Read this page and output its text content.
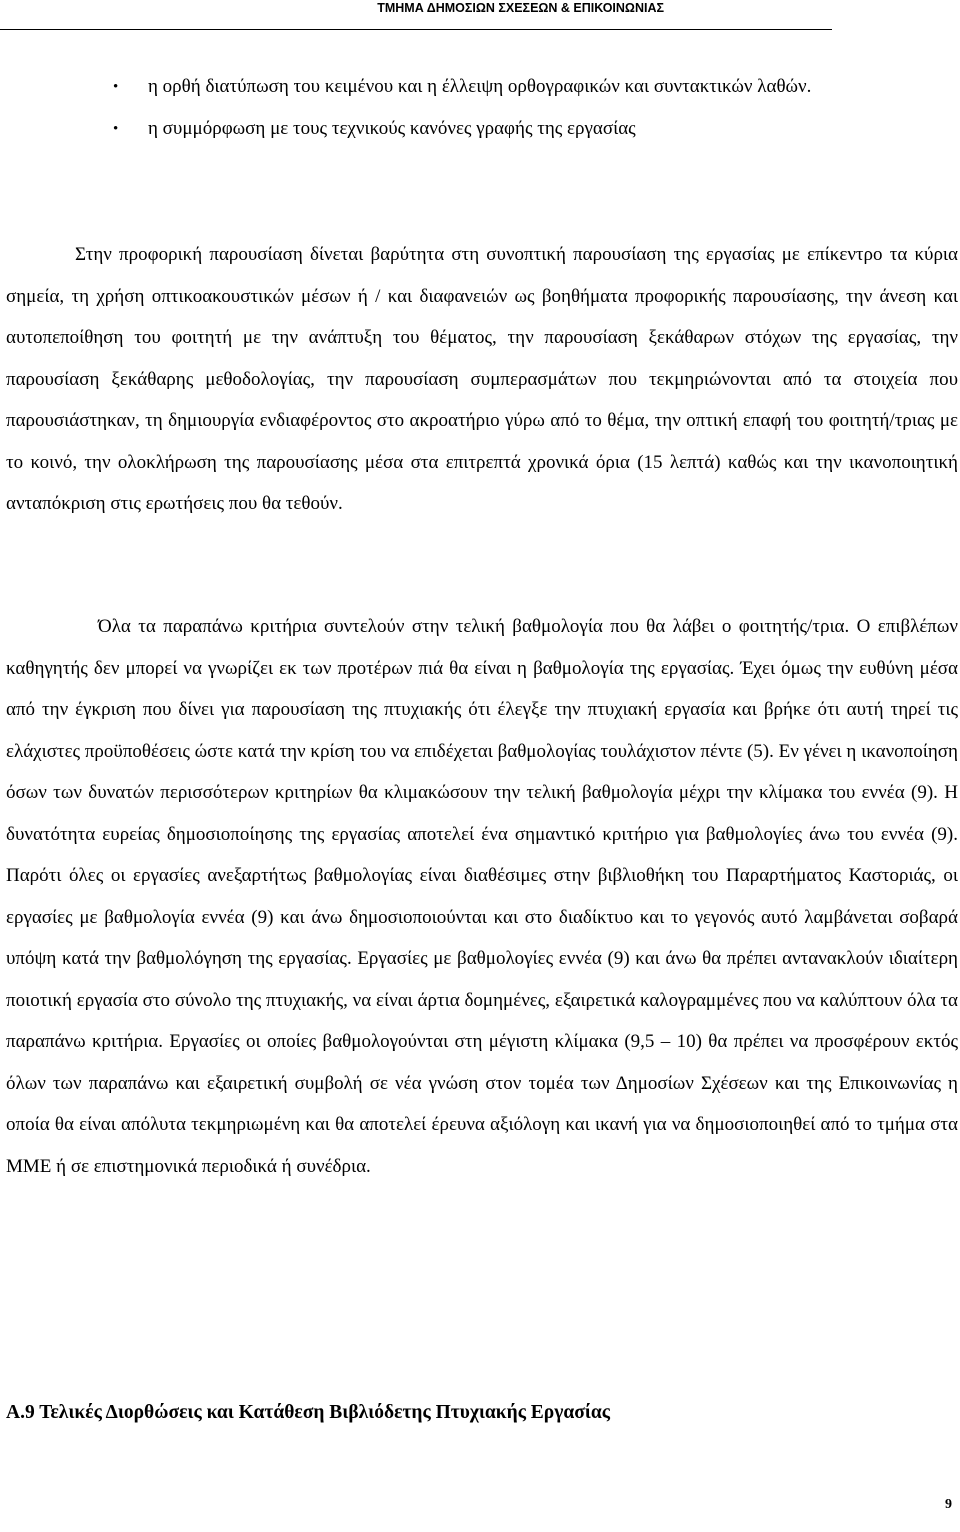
ΤΜΗΜΑ ΔΗΜΟΣΙΩΝ ΣΧΕΣΕΩΝ & ΕΠΙΚΟΙΝΩΝΙΑΣ
• η ορθή διατύπωση του κειμένου και η έλλειψη ορθογραφικών και συντακτικών λαθών.
• η συμμόρφωση με τους τεχνικούς κανόνες γραφής της εργασίας

Στην προφορική παρουσίαση δίνεται βαρύτητα στη συνοπτική παρουσίαση της εργασίας με επίκεντρο τα κύρια σημεία, τη χρήση οπτικοακουστικών μέσων ή / και διαφανειών ως βοηθήματα προφορικής παρουσίασης, την άνεση και αυτοπεποίθηση του φοιτητή με την ανάπτυξη του θέματος, την παρουσίαση ξεκάθαρων στόχων της εργασίας, την παρουσίαση ξεκάθαρης μεθοδολογίας, την παρουσίαση συμπερασμάτων που τεκμηριώνονται από τα στοιχεία που παρουσιάστηκαν, τη δημιουργία ενδιαφέροντος στο ακροατήριο γύρω από το θέμα, την οπτική επαφή του φοιτητή/τριας με το κοινό, την ολοκλήρωση της παρουσίασης μέσα στα επιτρεπτά χρονικά όρια (15 λεπτά) καθώς και την ικανοποιητική ανταπόκριση στις ερωτήσεις που θα τεθούν.

Όλα τα παραπάνω κριτήρια συντελούν στην τελική βαθμολογία που θα λάβει ο φοιτητής/τρια. Ο επιβλέπων καθηγητής δεν μπορεί να γνωρίζει εκ των προτέρων πιά θα είναι η βαθμολογία της εργασίας. Έχει όμως την ευθύνη μέσα από την έγκριση που δίνει για παρουσίαση της πτυχιακής ότι έλεγξε την πτυχιακή εργασία και βρήκε ότι αυτή τηρεί τις ελάχιστες προϋποθέσεις ώστε κατά την κρίση του να επιδέχεται βαθμολογίας τουλάχιστον πέντε (5). Εν γένει η ικανοποίηση όσων των δυνατών περισσότερων κριτηρίων θα κλιμακώσουν την τελική βαθμολογία μέχρι την κλίμακα του εννέα (9). Η δυνατότητα ευρείας δημοσιοποίησης της εργασίας αποτελεί ένα σημαντικό κριτήριο για βαθμολογίες άνω του εννέα (9). Παρότι όλες οι εργασίες ανεξαρτήτως βαθμολογίας είναι διαθέσιμες στην βιβλιοθήκη του Παραρτήματος Καστοριάς, οι εργασίες με βαθμολογία εννέα (9) και άνω δημοσιοποιούνται και στο διαδίκτυο και το γεγονός αυτό λαμβάνεται σοβαρά υπόψη κατά την βαθμολόγηση της εργασίας. Εργασίες με βαθμολογίες εννέα (9) και άνω θα πρέπει αντανακλούν ιδιαίτερη ποιοτική εργασία στο σύνολο της πτυχιακής, να είναι άρτια δομημένες, εξαιρετικά καλογραμμένες που να καλύπτουν όλα τα παραπάνω κριτήρια. Εργασίες οι οποίες βαθμολογούνται στη μέγιστη κλίμακα (9,5 – 10) θα πρέπει να προσφέρουν εκτός όλων των παραπάνω και εξαιρετική συμβολή σε νέα γνώση στον τομέα των Δημοσίων Σχέσεων και της Επικοινωνίας η οποία θα είναι απόλυτα τεκμηριωμένη και θα αποτελεί έρευνα αξιόλογη και ικανή για να δημοσιοποιηθεί από το τμήμα στα ΜΜΕ ή σε επιστημονικά περιοδικά ή συνέδρια.

Α.9 Τελικές Διορθώσεις και Κατάθεση Βιβλιόδετης Πτυχιακής Εργασίας
9
